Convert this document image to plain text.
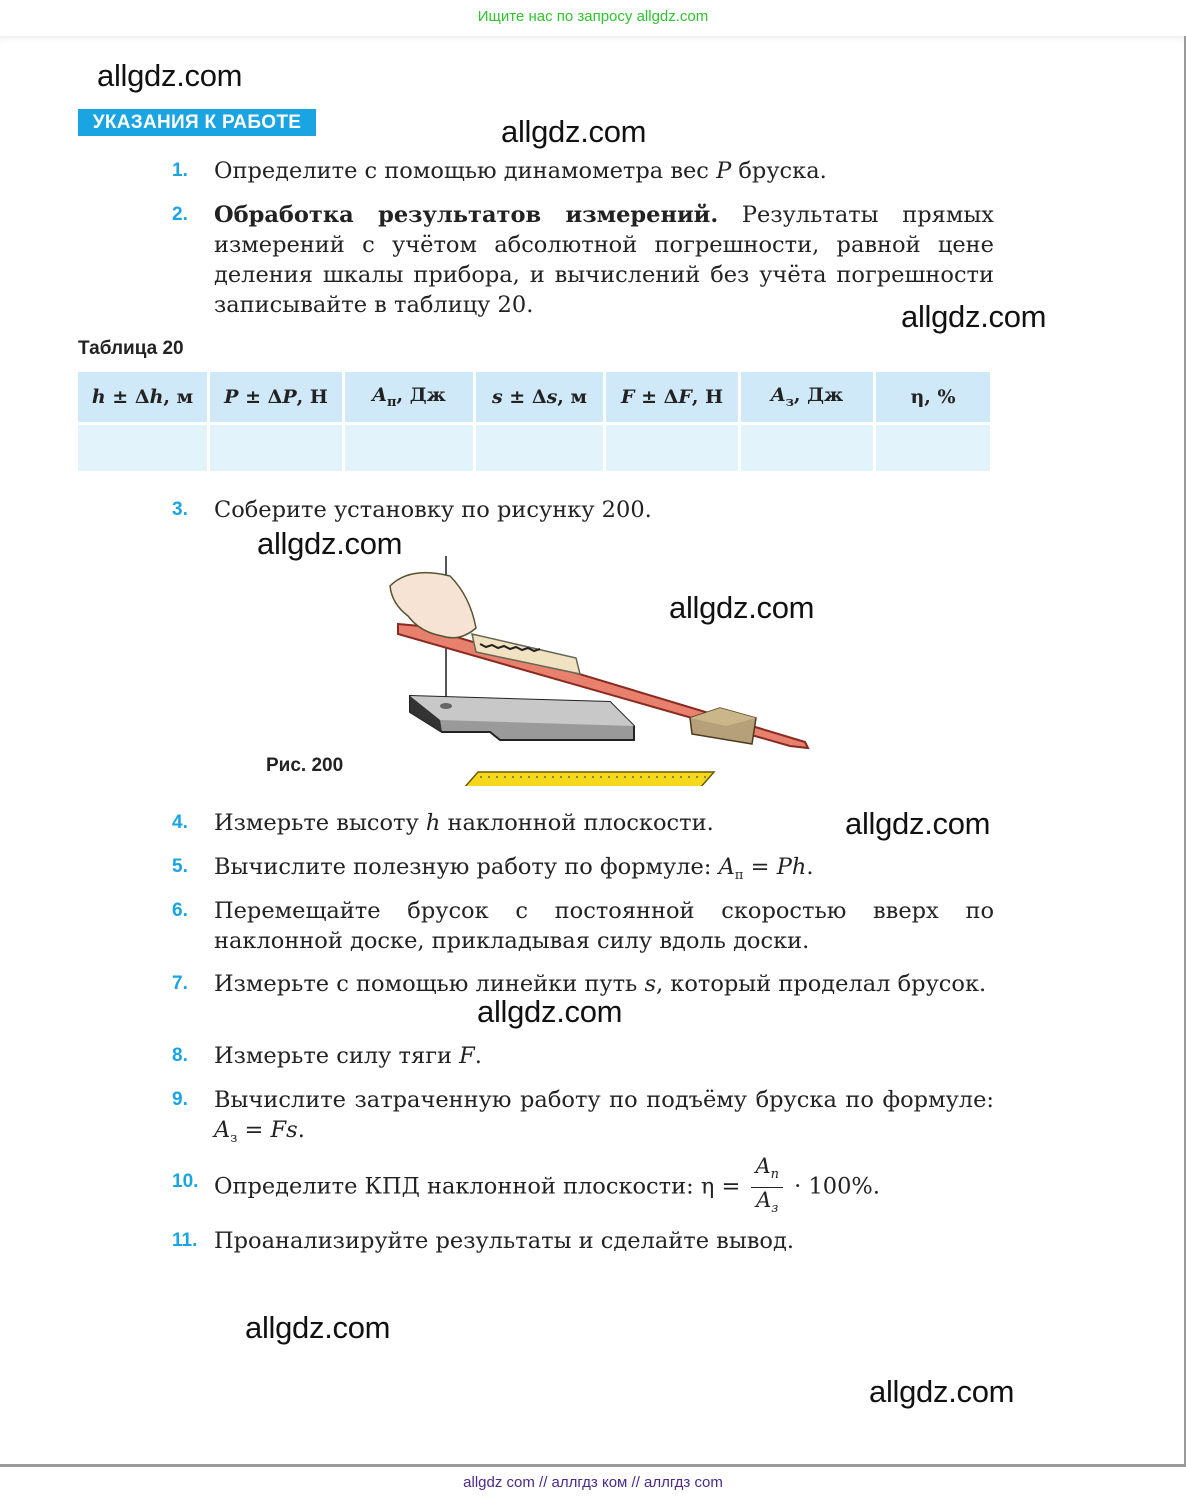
Ищите нас по запросу allgdz.com
allgdz.com
allgdz.com
allgdz.com
allgdz.com
allgdz.com
allgdz.com
allgdz.com
allgdz.com
allgdz.com
УКАЗАНИЯ К РАБОТЕ
1. Определите с помощью динамометра вес P бруска.
2. Обработка результатов измерений. Результаты прямых измерений с учётом абсолютной погрешности, равной цене деления шкалы прибора, и вычислений без учёта погрешности записывайте в таблицу 20.
Таблица 20
h ± Δh, м	P ± ΔP, Н	$A_п$, Дж	s ± Δs, м	F ± ΔF, Н	$A_з$, Дж	η, %

3. Соберите установку по рисунку 200.
Рис. 200
4. Измерьте высоту h наклонной плоскости.
5. Вычислите полезную работу по формуле: $A_п = Ph$.
6. Перемещайте брусок с постоянной скоростью вверх по наклонной доске, прикладывая силу вдоль доски.
7. Измерьте с помощью линейки путь s, который проделал брусок.
8. Измерьте силу тяги F.
9. Вычислите затраченную работу по подъёму бруска по формуле: $A_з = Fs$.
10. Определите КПД наклонной плоскости: $\eta = \frac{A_п}{A_з} \cdot 100\%$.
11. Проанализируйте результаты и сделайте вывод.
allgdz com // аллгдз ком // аллгдз com
